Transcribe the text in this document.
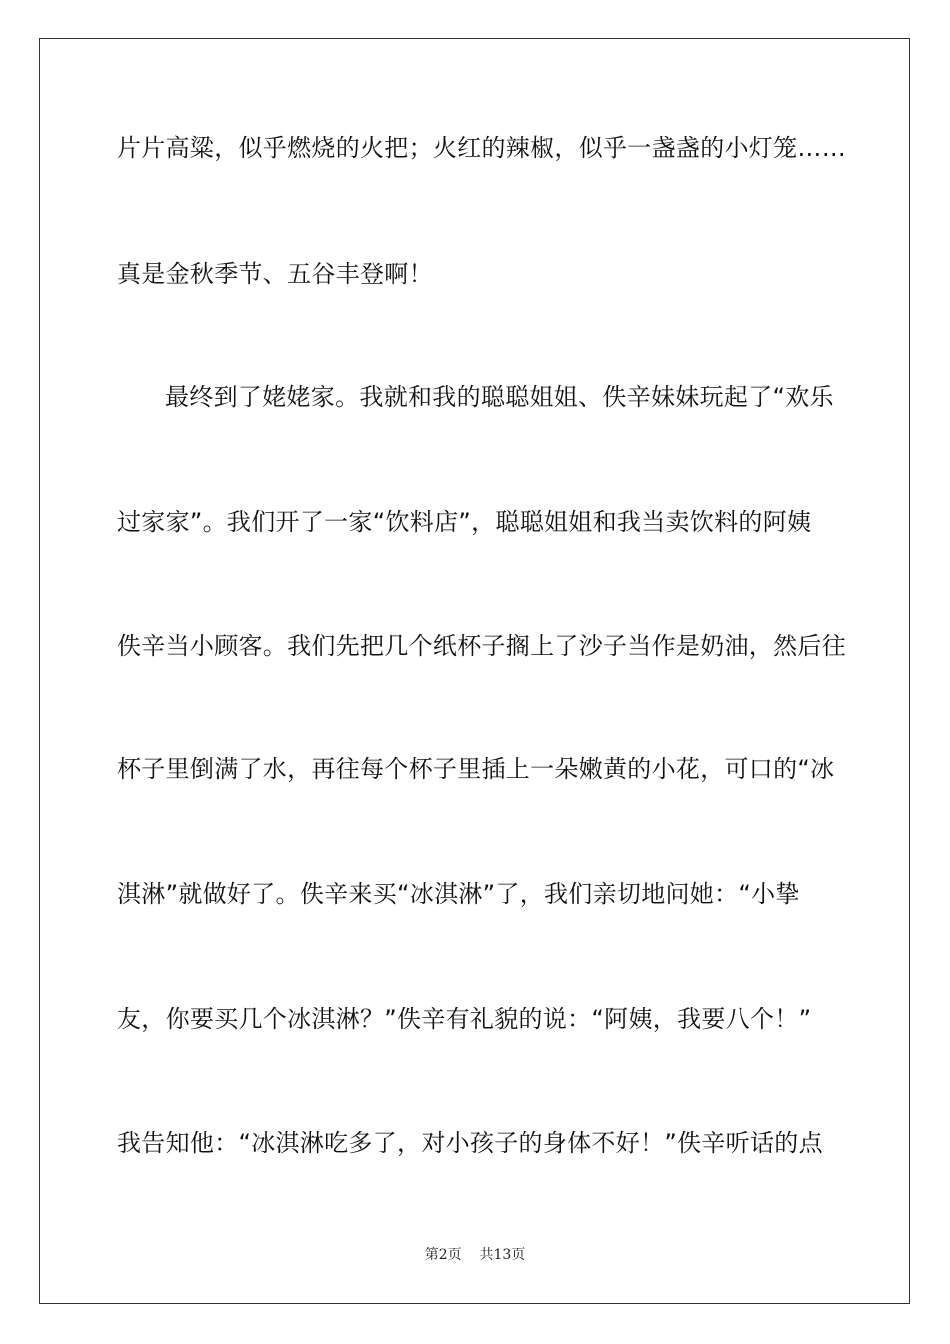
片片高粱，似乎燃烧的火把；火红的辣椒，似乎一盏盏的小灯笼……
真是金秋季节、五谷丰登啊！
最终到了姥姥家。我就和我的聪聪姐姐、佚辛妹妹玩起了“欢乐
过家家”。我们开了一家“饮料店”，聪聪姐姐和我当卖饮料的阿姨
佚辛当小顾客。我们先把几个纸杯子搁上了沙子当作是奶油，然后往
杯子里倒满了水，再往每个杯子里插上一朵嫩黄的小花，可口的“冰
淇淋”就做好了。佚辛来买“冰淇淋”了，我们亲切地问她：“小挚
友，你要买几个冰淇淋？”佚辛有礼貌的说：“阿姨，我要八个！”
我告知他：“冰淇淋吃多了，对小孩子的身体不好！”佚辛听话的点
第2页 共13页
